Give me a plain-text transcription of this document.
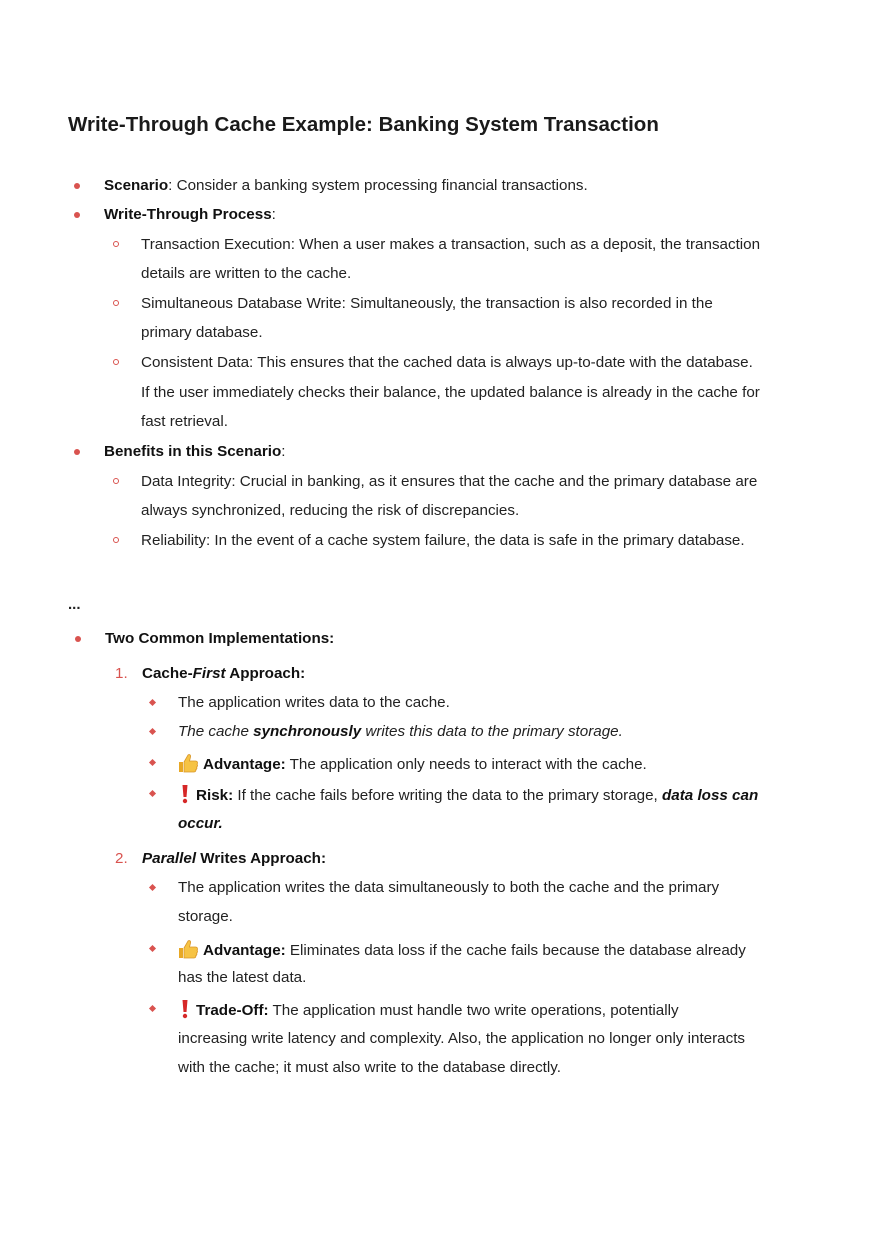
Write-Through Cache Example: Banking System Transaction
Scenario: Consider a banking system processing financial transactions.
Write-Through Process:
Transaction Execution: When a user makes a transaction, such as a deposit, the transaction
details are written to the cache.
Simultaneous Database Write: Simultaneously, the transaction is also recorded in the
primary database.
Consistent Data: This ensures that the cached data is always up-to-date with the database.
If the user immediately checks their balance, the updated balance is already in the cache for
fast retrieval.
Benefits in this Scenario:
Data Integrity: Crucial in banking, as it ensures that the cache and the primary database are
always synchronized, reducing the risk of discrepancies.
Reliability: In the event of a cache system failure, the data is safe in the primary database.
...
Two Common Implementations:
1. Cache-First Approach:
The application writes data to the cache.
The cache synchronously writes this data to the primary storage.
Advantage: The application only needs to interact with the cache.
Risk: If the cache fails before writing the data to the primary storage, data loss can
occur.
2. Parallel Writes Approach:
The application writes the data simultaneously to both the cache and the primary
storage.
Advantage: Eliminates data loss if the cache fails because the database already
has the latest data.
Trade-Off: The application must handle two write operations, potentially
increasing write latency and complexity. Also, the application no longer only interacts
with the cache; it must also write to the database directly.
